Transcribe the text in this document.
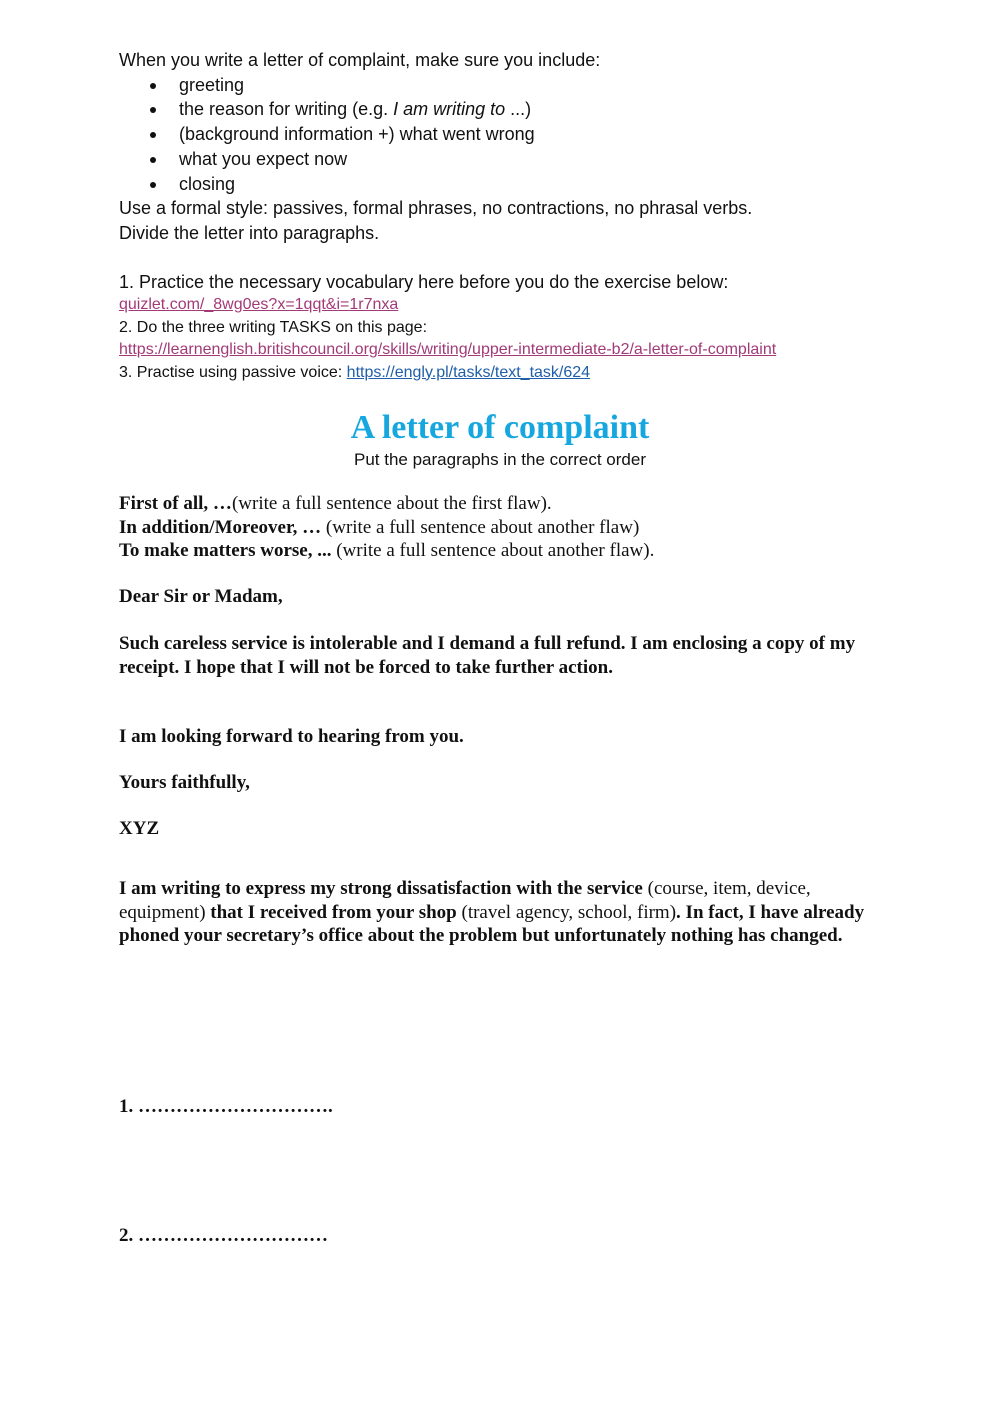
When you write a letter of complaint, make sure you include:

greeting
the reason for writing (e.g. I am writing to ...)
(background information +) what went wrong
what you expect now
closing

Use a formal style: passives, formal phrases, no contractions, no phrasal verbs.

Divide the letter into paragraphs.

1. Practice the necessary vocabulary here before you do the exercise below:
quizlet.com/_8wg0es?x=1qqt&i=1r7nxa
2. Do the three writing TASKS on this page:
https://learnenglish.britishcouncil.org/skills/writing/upper-intermediate-b2/a-letter-of-complaint
3. Practise using passive voice: https://engly.pl/tasks/text_task/624
A letter of complaint
Put the paragraphs in the correct order

First of all, …(write a full sentence about the first flaw).

In addition/Moreover, … (write a full sentence about another flaw)

To make matters worse, ... (write a full sentence about another flaw).

Dear Sir or Madam,

Such careless service is intolerable and I demand a full refund. I am enclosing a copy of my receipt. I hope that I will not be forced to take further action.

I am looking forward to hearing from you.

Yours faithfully,

XYZ

I am writing to express my strong dissatisfaction with the service (course, item, device, equipment) that I received from your shop (travel agency, school, firm). In fact, I have already phoned your secretary’s office about the problem but unfortunately nothing has changed.

1. ………………………….
2. …………………………
